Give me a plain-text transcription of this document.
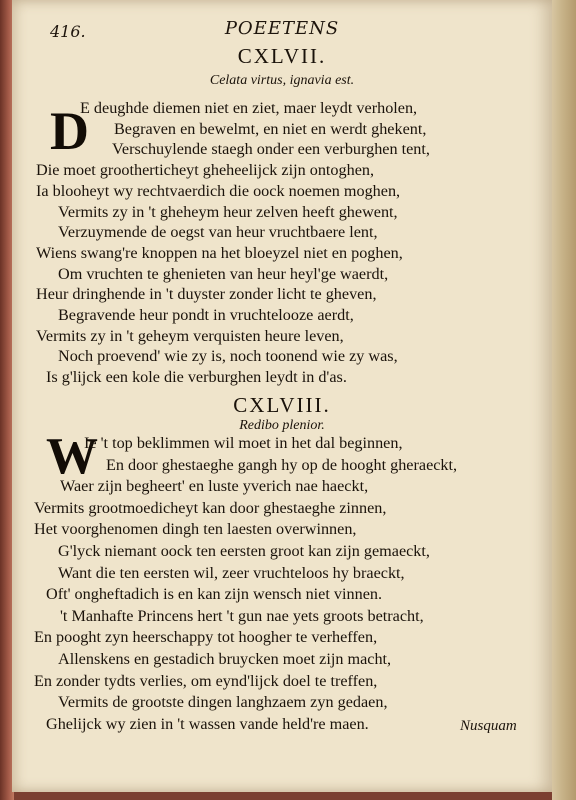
416.	POEETENS
CXLVII.
Celata virtus, ignavia est.
D
E deughde diemen niet en ziet, maer leydt verholen,
Begraven en bewelmt, en niet en werdt ghekent,
Verschuylende staegh onder een verburghen tent,
Die moet grootherticheyt gheheelijck zijn ontoghen,
Ia blooheyt wy rechtvaerdich die oock noemen moghen,
Vermits zy in 't gheheym heur zelven heeft ghewent,
Verzuymende de oegst van heur vruchtbaere lent,
Wiens swang're knoppen na het bloeyzel niet en poghen,
Om vruchten te ghenieten van heur heyl'ge waerdt,
Heur dringhende in 't duyster zonder licht te gheven,
Begravende heur pondt in vruchtelooze aerdt,
Vermits zy in 't geheym verquisten heure leven,
Noch proevend' wie zy is, noch toonend wie zy was,
Is g'lijck een kole die verburghen leydt in d'as.
CXLVIII.
Redibo plenior.
W
Ie 't top beklimmen wil moet in het dal beginnen,
En door ghestaeghe gangh hy op de hooght gheraeckt,
Waer zijn begheert' en luste yverich nae haeckt,
Vermits grootmoedicheyt kan door ghestaeghe zinnen,
Het voorghenomen dingh ten laesten overwinnen,
G'lyck niemant oock ten eersten groot kan zijn gemaeckt,
Want die ten eersten wil, zeer vruchteloos hy braeckt,
Oft' ongheftadich is en kan zijn wensch niet vinnen.
't Manhafte Princens hert 't gun nae yets groots betracht,
En pooght zyn heerschappy tot hoogher te verheffen,
Allenskens en gestadich bruycken moet zijn macht,
En zonder tydts verlies, om eynd'lijck doel te treffen,
Vermits de grootste dingen langhzaem zyn gedaen,
Ghelijck wy zien in 't wassen vande held're maen.	Nusquam
